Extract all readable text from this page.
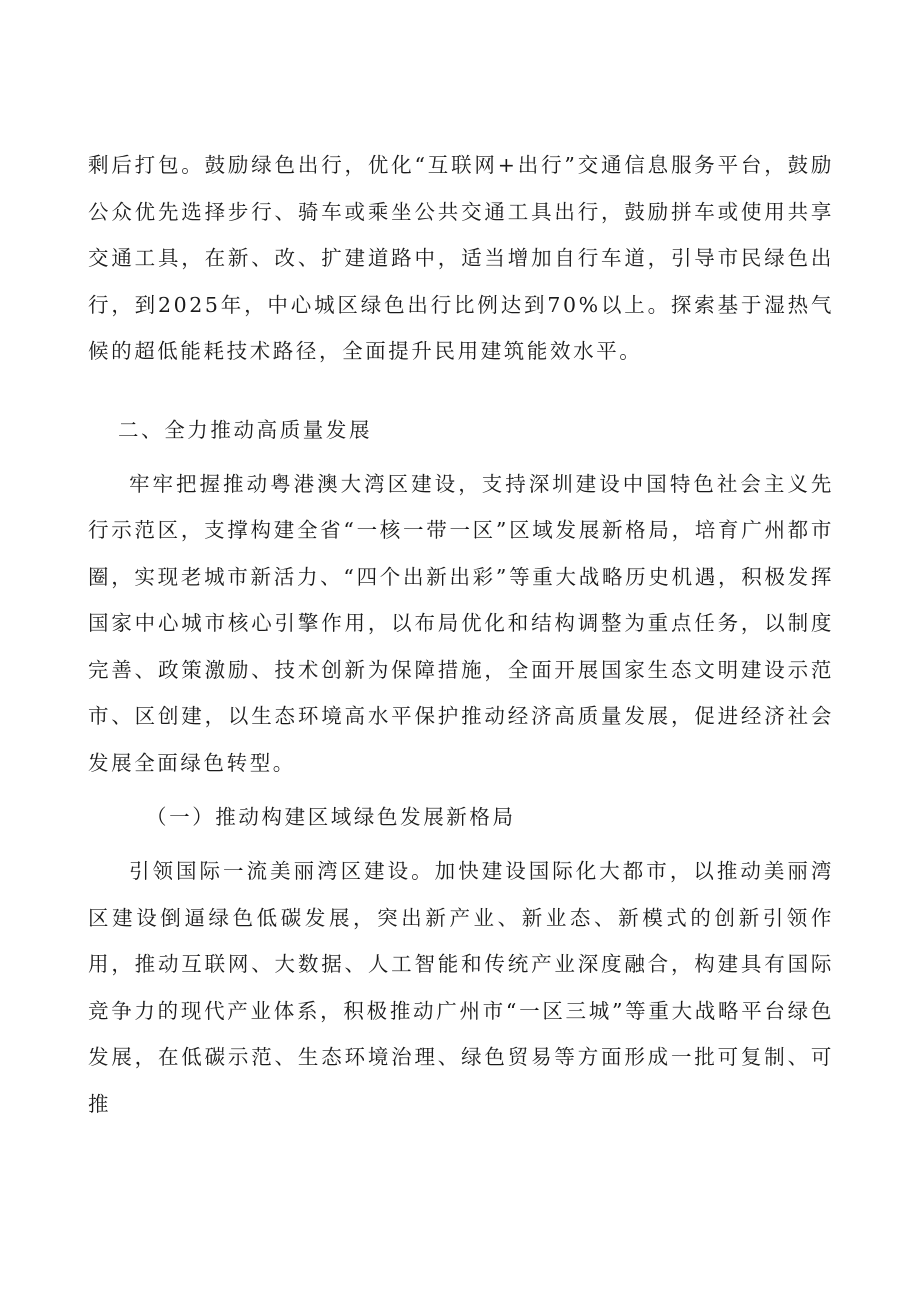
剩后打包。鼓励绿色出行，优化“互联网+出行”交通信息服务平台，鼓励公众优先选择步行、骑车或乘坐公共交通工具出行，鼓励拼车或使用共享交通工具，在新、改、扩建道路中，适当增加自行车道，引导市民绿色出行，到2025年，中心城区绿色出行比例达到70%以上。探索基于湿热气候的超低能耗技术路径，全面提升民用建筑能效水平。

二、全力推动高质量发展

牢牢把握推动粤港澳大湾区建设，支持深圳建设中国特色社会主义先行示范区，支撑构建全省“一核一带一区”区域发展新格局，培育广州都市圈，实现老城市新活力、“四个出新出彩”等重大战略历史机遇，积极发挥国家中心城市核心引擎作用，以布局优化和结构调整为重点任务，以制度完善、政策激励、技术创新为保障措施，全面开展国家生态文明建设示范市、区创建，以生态环境高水平保护推动经济高质量发展，促进经济社会发展全面绿色转型。

（一）推动构建区域绿色发展新格局

引领国际一流美丽湾区建设。加快建设国际化大都市，以推动美丽湾区建设倒逼绿色低碳发展，突出新产业、新业态、新模式的创新引领作用，推动互联网、大数据、人工智能和传统产业深度融合，构建具有国际竞争力的现代产业体系，积极推动广州市“一区三城”等重大战略平台绿色发展，在低碳示范、生态环境治理、绿色贸易等方面形成一批可复制、可推
